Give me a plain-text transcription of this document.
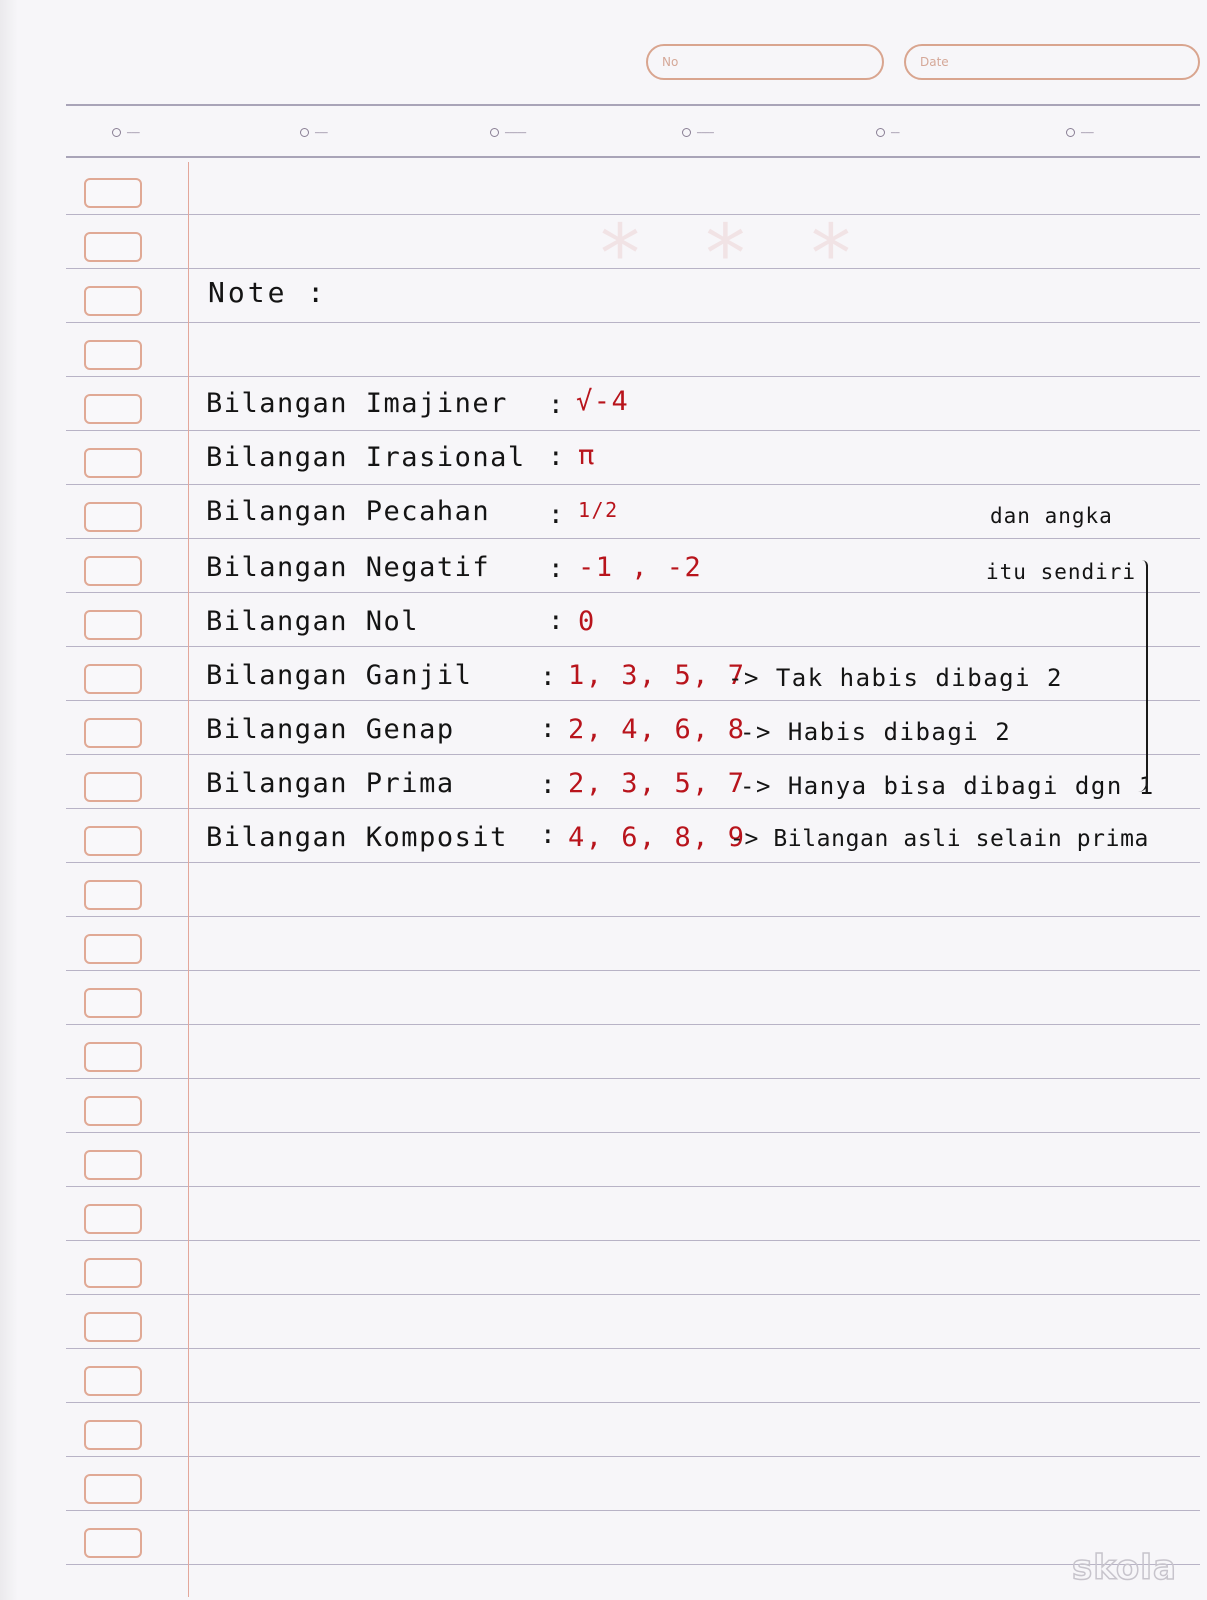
⁎ ⁎ ⁎
No	Date
━━━	━━━	━━━━━	━━━━	━━	━━━
Note :
Bilangan Imajiner : √-4
Bilangan Irasional : π
Bilangan Pecahan : 1/2
Bilangan Negatif : -1 , -2
Bilangan Nol	: 0
Bilangan Ganjil	: 1, 3, 5, 7
-> Tak habis dibagi 2
Bilangan Genap	: 2, 4, 6, 8
-> Habis dibagi 2
Bilangan Prima	: 2, 3, 5, 7
-> Hanya bisa dibagi dgn 1
Bilangan Komposit : 4, 6, 8, 9
-> Bilangan asli selain prima
dan angka
itu sendiri
skola
